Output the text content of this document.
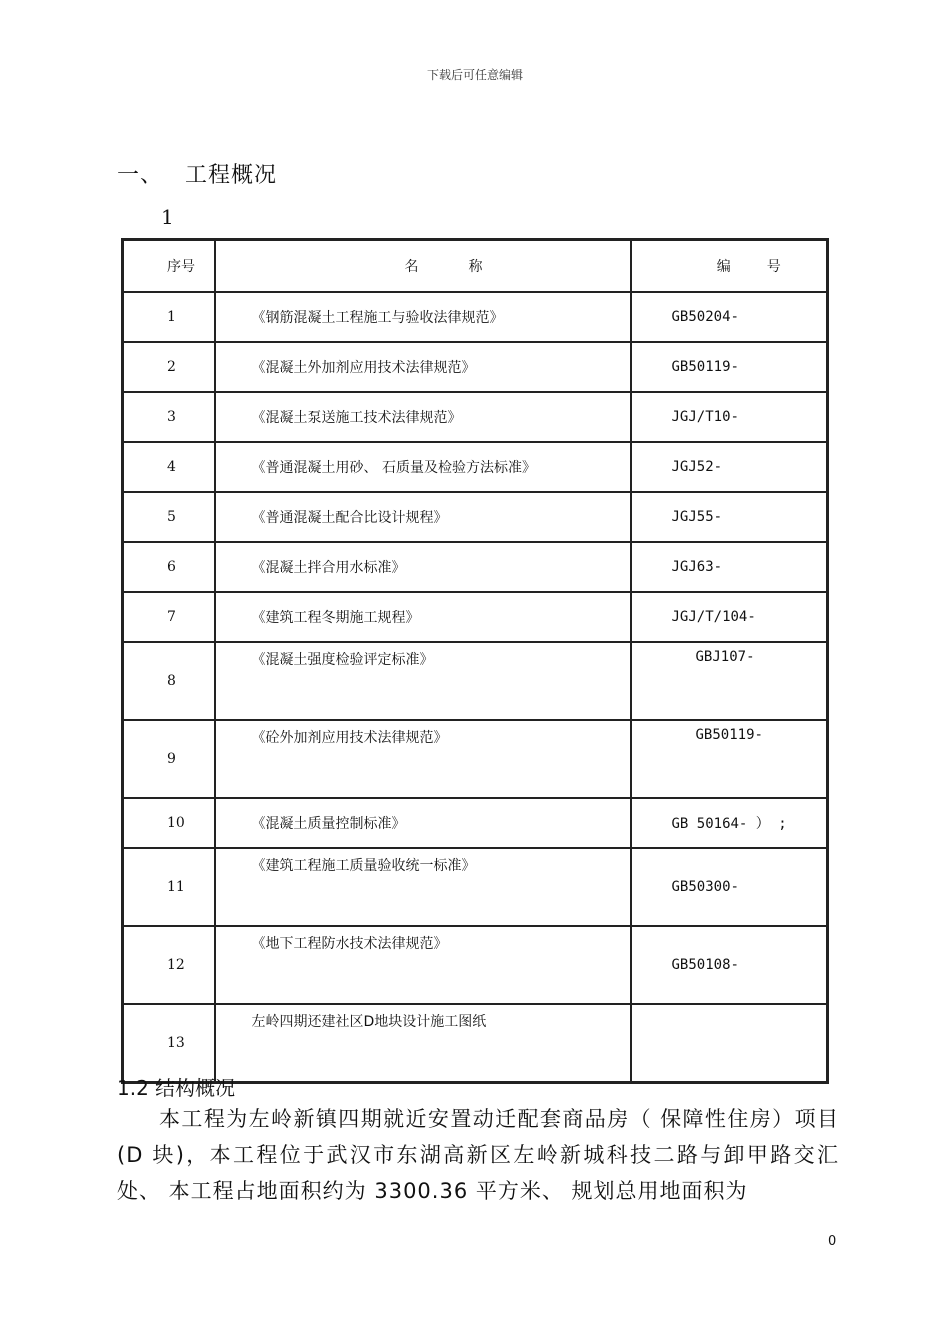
下载后可任意编辑
一、 工程概况
1
序号	名 称	编 号
1	《钢筋混凝土工程施工与验收法律规范》	GB50204-
2	《混凝土外加剂应用技术法律规范》	GB50119-
3	《混凝土泵送施工技术法律规范》	JGJ/T10-
4	《普通混凝土用砂、 石质量及检验方法标准》	JGJ52-
5	《普通混凝土配合比设计规程》	JGJ55-
6	《混凝土拌合用水标准》	JGJ63-
7	《建筑工程冬期施工规程》	JGJ/T/104-
8	《混凝土强度检验评定标准》	GBJ107-
9	《砼外加剂应用技术法律规范》	GB50119-
10	《混凝土质量控制标准》	GB 50164- ） ;
11	《建筑工程施工质量验收统一标准》	GB50300-
12	《地下工程防水技术法律规范》	GB50108-
13	左岭四期还建社区D地块设计施工图纸	
1.2 结构概况

本工程为左岭新镇四期就近安置动迁配套商品房（ 保障性住房）项目(D 块)，本工程位于武汉市东湖高新区左岭新城科技二路与卸甲路交汇处、 本工程占地面积约为 3300.36 平方米、 规划总用地面积为

0
